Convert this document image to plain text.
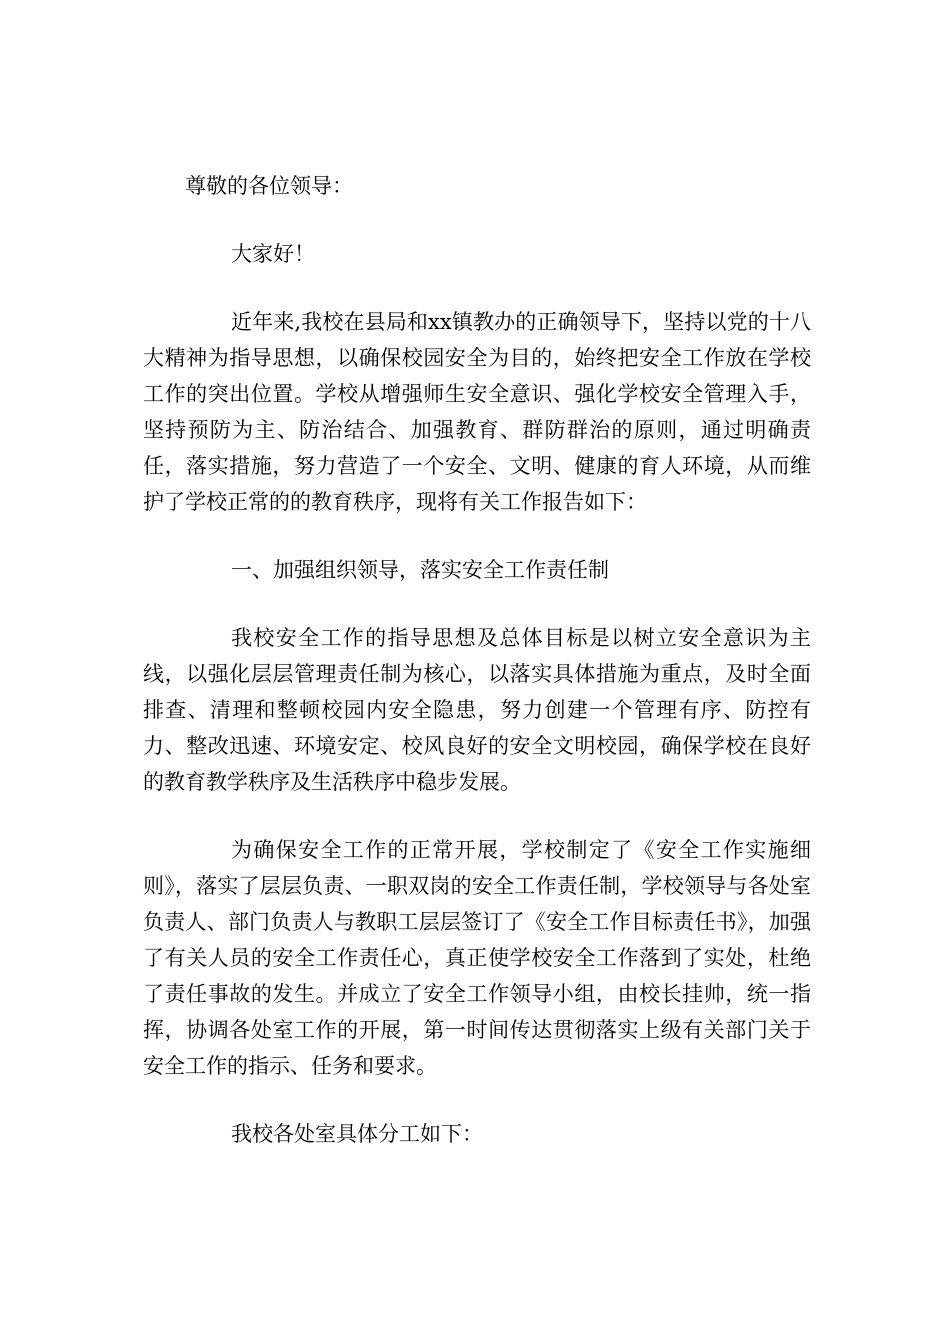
尊敬的各位领导：

大家好！

近年来,我校在县局和xx镇教办的正确领导下，坚持以党的十八大精神为指导思想，以确保校园安全为目的，始终把安全工作放在学校工作的突出位置。学校从增强师生安全意识、强化学校安全管理入手，坚持预防为主、防治结合、加强教育、群防群治的原则，通过明确责任，落实措施，努力营造了一个安全、文明、健康的育人环境，从而维护了学校正常的的教育秩序，现将有关工作报告如下：

一、加强组织领导，落实安全工作责任制

我校安全工作的指导思想及总体目标是以树立安全意识为主线，以强化层层管理责任制为核心，以落实具体措施为重点，及时全面排查、清理和整顿校园内安全隐患，努力创建一个管理有序、防控有力、整改迅速、环境安定、校风良好的安全文明校园，确保学校在良好的教育教学秩序及生活秩序中稳步发展。

为确保安全工作的正常开展，学校制定了《安全工作实施细则》，落实了层层负责、一职双岗的安全工作责任制，学校领导与各处室负责人、部门负责人与教职工层层签订了《安全工作目标责任书》，加强了有关人员的安全工作责任心，真正使学校安全工作落到了实处，杜绝了责任事故的发生。并成立了安全工作领导小组，由校长挂帅，统一指挥，协调各处室工作的开展，第一时间传达贯彻落实上级有关部门关于安全工作的指示、任务和要求。

我校各处室具体分工如下：
